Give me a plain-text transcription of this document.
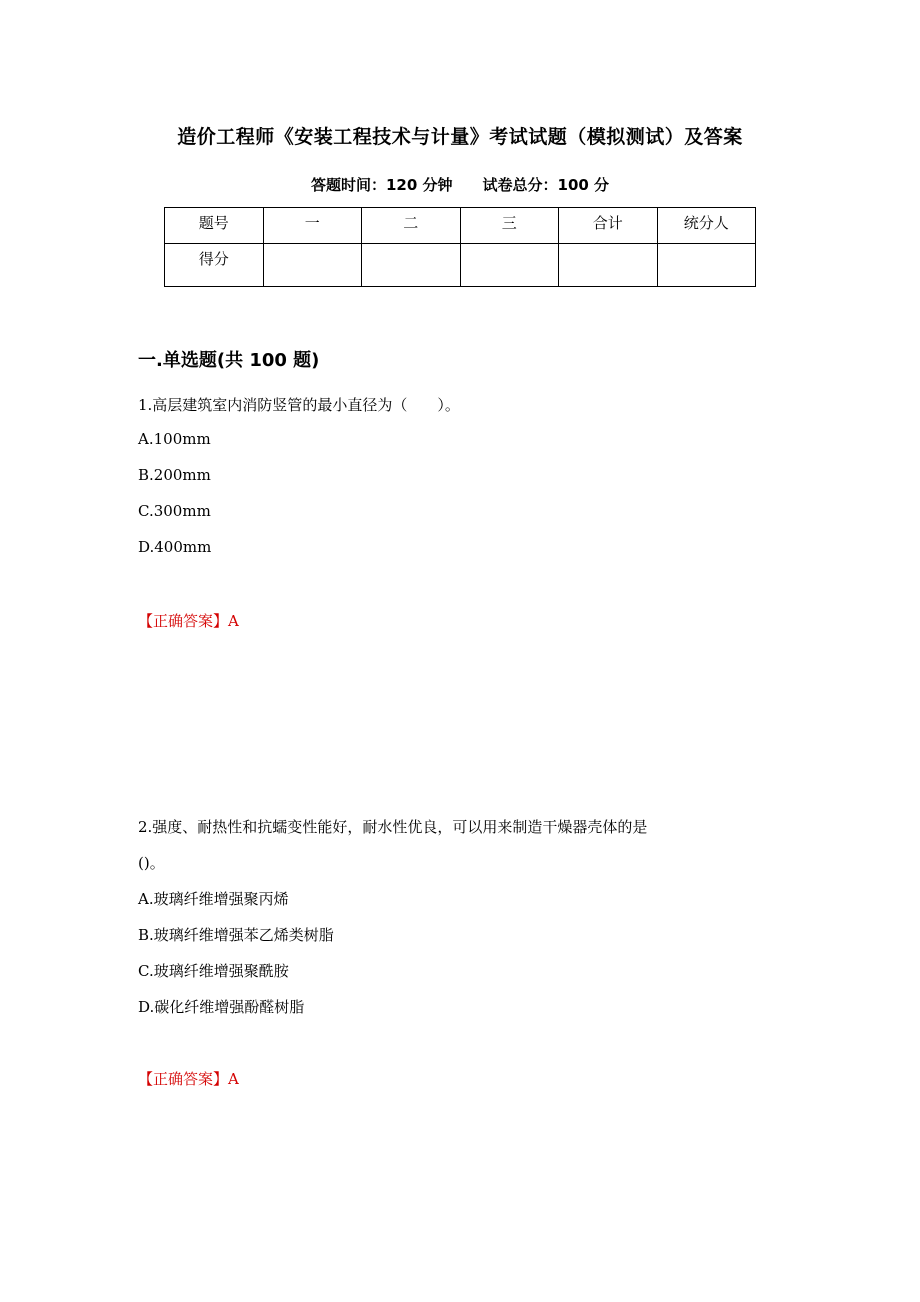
造价工程师《安装工程技术与计量》考试试题（模拟测试）及答案
答题时间：120 分钟 试卷总分：100 分
题号	一	二	三	合计	统分人
得分					
一.单选题(共 100 题)
1.高层建筑室内消防竖管的最小直径为（　　）。
A.100mm
B.200mm
C.300mm
D.400mm
【正确答案】A
2.强度、耐热性和抗蠕变性能好，耐水性优良，可以用来制造干燥器壳体的是
()。
A.玻璃纤维增强聚丙烯
B.玻璃纤维增强苯乙烯类树脂
C.玻璃纤维增强聚酰胺
D.碳化纤维增强酚醛树脂
【正确答案】A
